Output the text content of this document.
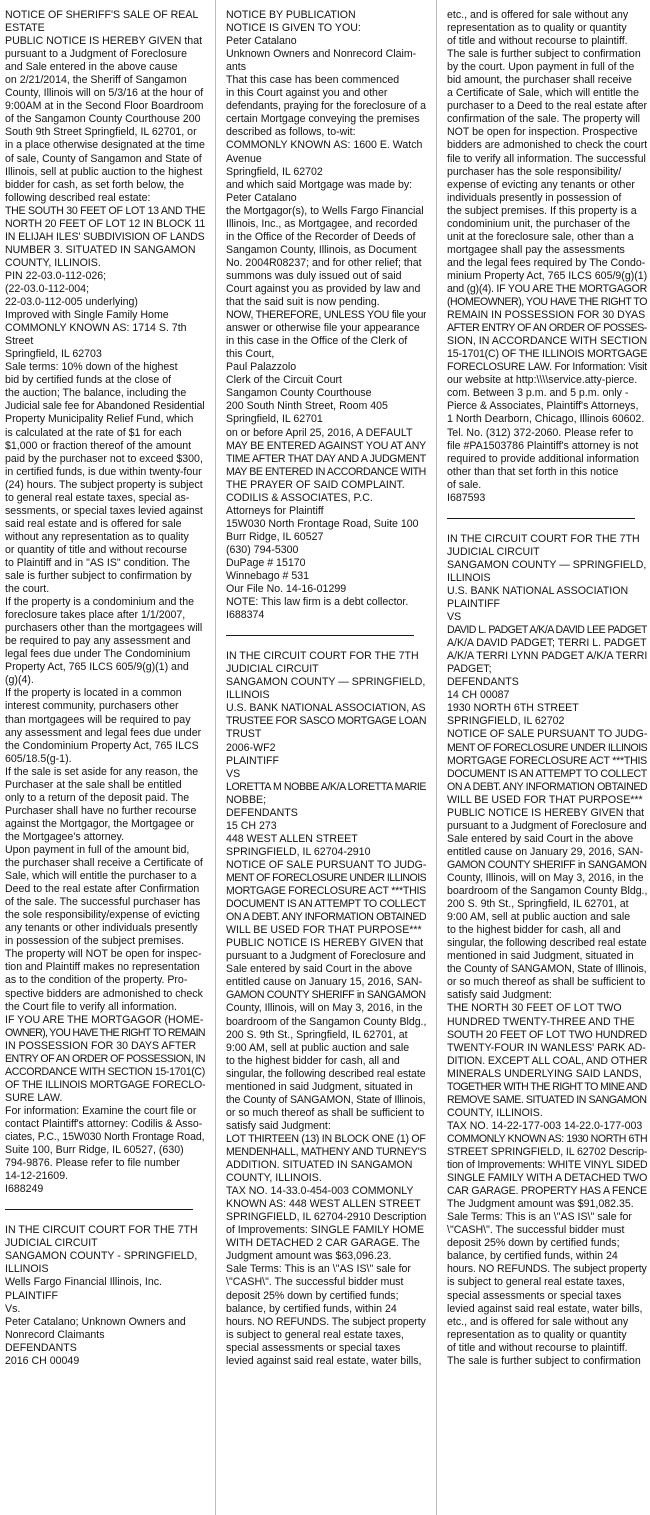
NOTICE OF SHERIFF'S SALE OF REAL
ESTATE
PUBLIC NOTICE IS HEREBY GIVEN that
pursuant to a Judgment of Foreclosure
and Sale entered in the above cause
on 2/21/2014, the Sheriff of Sangamon
County, Illinois will on 5/3/16 at the hour of
9:00AM at in the Second Floor Boardroom
of the Sangamon County Courthouse 200
South 9th Street Springfield, IL 62701, or
in a place otherwise designated at the time
of sale, County of Sangamon and State of
Illinois, sell at public auction to the highest
bidder for cash, as set forth below, the
following described real estate:
THE SOUTH 30 FEET OF LOT 13 AND THE
NORTH 20 FEET OF LOT 12 IN BLOCK 11
IN ELIJAH ILES' SUBDIVISION OF LANDS
NUMBER 3. SITUATED IN SANGAMON
COUNTY, ILLINOIS.
PIN 22-03.0-112-026;
(22-03.0-112-004;
22-03.0-112-005 underlying)
Improved with Single Family Home
COMMONLY KNOWN AS: 1714 S. 7th
Street
Springfield, IL 62703
Sale terms: 10% down of the highest
bid by certified funds at the close of
the auction; The balance, including the
Judicial sale fee for Abandoned Residential
Property Municipality Relief Fund, which
is calculated at the rate of $1 for each
$1,000 or fraction thereof of the amount
paid by the purchaser not to exceed $300,
in certified funds, is due within twenty-four
(24) hours. The subject property is subject
to general real estate taxes, special as-
sessments, or special taxes levied against
said real estate and is offered for sale
without any representation as to quality
or quantity of title and without recourse
to Plaintiff and in "AS IS" condition. The
sale is further subject to confirmation by
the court.
If the property is a condominium and the
foreclosure takes place after 1/1/2007,
purchasers other than the mortgagees will
be required to pay any assessment and
legal fees due under The Condominium
Property Act, 765 ILCS 605/9(g)(1) and
(g)(4).
If the property is located in a common
interest community, purchasers other
than mortgagees will be required to pay
any assessment and legal fees due under
the Condominium Property Act, 765 ILCS
605/18.5(g-1).
If the sale is set aside for any reason, the
Purchaser at the sale shall be entitled
only to a return of the deposit paid. The
Purchaser shall have no further recourse
against the Mortgagor, the Mortgagee or
the Mortgagee's attorney.
Upon payment in full of the amount bid,
the purchaser shall receive a Certificate of
Sale, which will entitle the purchaser to a
Deed to the real estate after Confirmation
of the sale. The successful purchaser has
the sole responsibility/expense of evicting
any tenants or other individuals presently
in possession of the subject premises.
The property will NOT be open for inspec-
tion and Plaintiff makes no representation
as to the condition of the property. Pro-
spective bidders are admonished to check
the Court file to verify all information.
IF YOU ARE THE MORTGAGOR (HOME-
OWNER), YOU HAVE THE RIGHT TO REMAIN
IN POSSESSION FOR 30 DAYS AFTER
ENTRY OF AN ORDER OF POSSESSION, IN
ACCORDANCE WITH SECTION 15-1701(C)
OF THE ILLINOIS MORTGAGE FORECLO-
SURE LAW.
For information: Examine the court file or
contact Plaintiff's attorney: Codilis & Asso-
ciates, P.C., 15W030 North Frontage Road,
Suite 100, Burr Ridge, IL 60527, (630)
794-9876. Please refer to file number
14-12-21609.
I688249
IN THE CIRCUIT COURT FOR THE 7TH
JUDICIAL CIRCUIT
SANGAMON COUNTY - SPRINGFIELD,
ILLINOIS
Wells Fargo Financial Illinois, Inc.
PLAINTIFF
Vs.
Peter Catalano; Unknown Owners and
Nonrecord Claimants
DEFENDANTS
2016 CH 00049
NOTICE BY PUBLICATION
NOTICE IS GIVEN TO YOU:
Peter Catalano
Unknown Owners and Nonrecord Claim-
ants
That this case has been commenced
in this Court against you and other
defendants, praying for the foreclosure of a
certain Mortgage conveying the premises
described as follows, to-wit:
COMMONLY KNOWN AS: 1600 E. Watch
Avenue
Springfield, IL 62702
and which said Mortgage was made by:
Peter Catalano
the Mortgagor(s), to Wells Fargo Financial
Illinois, Inc., as Mortgagee, and recorded
in the Office of the Recorder of Deeds of
Sangamon County, Illinois, as Document
No. 2004R08237; and for other relief; that
summons was duly issued out of said
Court against you as provided by law and
that the said suit is now pending.
NOW, THEREFORE, UNLESS YOU file your
answer or otherwise file your appearance
in this case in the Office of the Clerk of
this Court,
Paul Palazzolo
Clerk of the Circuit Court
Sangamon County Courthouse
200 South Ninth Street, Room 405
Springfield, IL 62701
on or before April 25, 2016, A DEFAULT
MAY BE ENTERED AGAINST YOU AT ANY
TIME AFTER THAT DAY AND A JUDGMENT
MAY BE ENTERED IN ACCORDANCE WITH
THE PRAYER OF SAID COMPLAINT.
CODILIS & ASSOCIATES, P.C.
Attorneys for Plaintiff
15W030 North Frontage Road, Suite 100
Burr Ridge, IL 60527
(630) 794-5300
DuPage # 15170
Winnebago # 531
Our File No. 14-16-01299
NOTE: This law firm is a debt collector.
I688374
IN THE CIRCUIT COURT FOR THE 7TH
JUDICIAL CIRCUIT
SANGAMON COUNTY — SPRINGFIELD,
ILLINOIS
U.S. BANK NATIONAL ASSOCIATION, AS
TRUSTEE FOR SASCO MORTGAGE LOAN
TRUST
2006-WF2
PLAINTIFF
VS
LORETTA M NOBBE A/K/A LORETTA MARIE
NOBBE;
DEFENDANTS
15 CH 273
448 WEST ALLEN STREET
SPRINGFIELD, IL 62704-2910
NOTICE OF SALE PURSUANT TO JUDG-
MENT OF FORECLOSURE UNDER ILLINOIS
MORTGAGE FORECLOSURE ACT ***THIS
DOCUMENT IS AN ATTEMPT TO COLLECT
ON A DEBT. ANY INFORMATION OBTAINED
WILL BE USED FOR THAT PURPOSE***
PUBLIC NOTICE IS HEREBY GIVEN that
pursuant to a Judgment of Foreclosure and
Sale entered by said Court in the above
entitled cause on January 15, 2016, SAN-
GAMON COUNTY SHERIFF in SANGAMON
County, Illinois, will on May 3, 2016, in the
boardroom of the Sangamon County Bldg.,
200 S. 9th St., Springfield, IL 62701, at
9:00 AM, sell at public auction and sale
to the highest bidder for cash, all and
singular, the following described real estate
mentioned in said Judgment, situated in
the County of SANGAMON, State of Illinois,
or so much thereof as shall be sufficient to
satisfy said Judgment:
LOT THIRTEEN (13) IN BLOCK ONE (1) OF
MENDENHALL, MATHENY AND TURNEY'S
ADDITION. SITUATED IN SANGAMON
COUNTY, ILLINOIS.
TAX NO. 14-33.0-454-003 COMMONLY
KNOWN AS: 448 WEST ALLEN STREET
SPRINGFIELD, IL 62704-2910 Description
of Improvements: SINGLE FAMILY HOME
WITH DETACHED 2 CAR GARAGE. The
Judgment amount was $63,096.23.
Sale Terms: This is an \"AS IS\" sale for
\"CASH\". The successful bidder must
deposit 25% down by certified funds;
balance, by certified funds, within 24
hours. NO REFUNDS. The subject property
is subject to general real estate taxes,
special assessments or special taxes
levied against said real estate, water bills,
etc., and is offered for sale without any
representation as to quality or quantity
of title and without recourse to plaintiff.
The sale is further subject to confirmation
by the court. Upon payment in full of the
bid amount, the purchaser shall receive
a Certificate of Sale, which will entitle the
purchaser to a Deed to the real estate after
confirmation of the sale. The property will
NOT be open for inspection. Prospective
bidders are admonished to check the court
file to verify all information. The successful
purchaser has the sole responsibility/
expense of evicting any tenants or other
individuals presently in possession of
the subject premises. If this property is a
condominium unit, the purchaser of the
unit at the foreclosure sale, other than a
mortgagee shall pay the assessments
and the legal fees required by The Condo-
minium Property Act, 765 ILCS 605/9(g)(1)
and (g)(4). IF YOU ARE THE MORTGAGOR
(HOMEOWNER), YOU HAVE THE RIGHT TO
REMAIN IN POSSESSION FOR 30 DYAS
AFTER ENTRY OF AN ORDER OF POSSES-
SION, IN ACCORDANCE WITH SECTION
15-1701(C) OF THE ILLINOIS MORTGAGE
FORECLOSURE LAW. For Information: Visit
our website at http:\\\\service.atty-pierce.
com. Between 3 p.m. and 5 p.m. only -
Pierce & Associates, Plaintiff's Attorneys,
1 North Dearborn, Chicago, Illinois 60602.
Tel. No. (312) 372-2060. Please refer to
file #PA1503786 Plaintiff's attorney is not
required to provide additional information
other than that set forth in this notice
of sale.
I687593
IN THE CIRCUIT COURT FOR THE 7TH
JUDICIAL CIRCUIT
SANGAMON COUNTY — SPRINGFIELD,
ILLINOIS
U.S. BANK NATIONAL ASSOCIATION
PLAINTIFF
VS
DAVID L. PADGET A/K/A DAVID LEE PADGET
A/K/A DAVID PADGET; TERRI L. PADGET
A/K/A TERRI LYNN PADGET A/K/A TERRI
PADGET;
DEFENDANTS
14 CH 00087
1930 NORTH 6TH STREET
SPRINGFIELD, IL 62702
NOTICE OF SALE PURSUANT TO JUDG-
MENT OF FORECLOSURE UNDER ILLINOIS
MORTGAGE FORECLOSURE ACT ***THIS
DOCUMENT IS AN ATTEMPT TO COLLECT
ON A DEBT. ANY INFORMATION OBTAINED
WILL BE USED FOR THAT PURPOSE***
PUBLIC NOTICE IS HEREBY GIVEN that
pursuant to a Judgment of Foreclosure and
Sale entered by said Court in the above
entitled cause on January 29, 2016, SAN-
GAMON COUNTY SHERIFF in SANGAMON
County, Illinois, will on May 3, 2016, in the
boardroom of the Sangamon County Bldg.,
200 S. 9th St., Springfield, IL 62701, at
9:00 AM, sell at public auction and sale
to the highest bidder for cash, all and
singular, the following described real estate
mentioned in said Judgment, situated in
the County of SANGAMON, State of Illinois,
or so much thereof as shall be sufficient to
satisfy said Judgment:
THE NORTH 30 FEET OF LOT TWO
HUNDRED TWENTY-THREE AND THE
SOUTH 20 FEET OF LOT TWO HUNDRED
TWENTY-FOUR IN WANLESS' PARK AD-
DITION. EXCEPT ALL COAL, AND OTHER
MINERALS UNDERLYING SAID LANDS,
TOGETHER WITH THE RIGHT TO MINE AND
REMOVE SAME. SITUATED IN SANGAMON
COUNTY, ILLINOIS.
TAX NO. 14-22-177-003 14-22.0-177-003
COMMONLY KNOWN AS: 1930 NORTH 6TH
STREET SPRINGFIELD, IL 62702 Descrip-
tion of Improvements: WHITE VINYL SIDED
SINGLE FAMILY WITH A DETACHED TWO
CAR GARAGE. PROPERTY HAS A FENCE
The Judgment amount was $91,082.35.
Sale Terms: This is an \"AS IS\" sale for
\"CASH\". The successful bidder must
deposit 25% down by certified funds;
balance, by certified funds, within 24
hours. NO REFUNDS. The subject property
is subject to general real estate taxes,
special assessments or special taxes
levied against said real estate, water bills,
etc., and is offered for sale without any
representation as to quality or quantity
of title and without recourse to plaintiff.
The sale is further subject to confirmation
